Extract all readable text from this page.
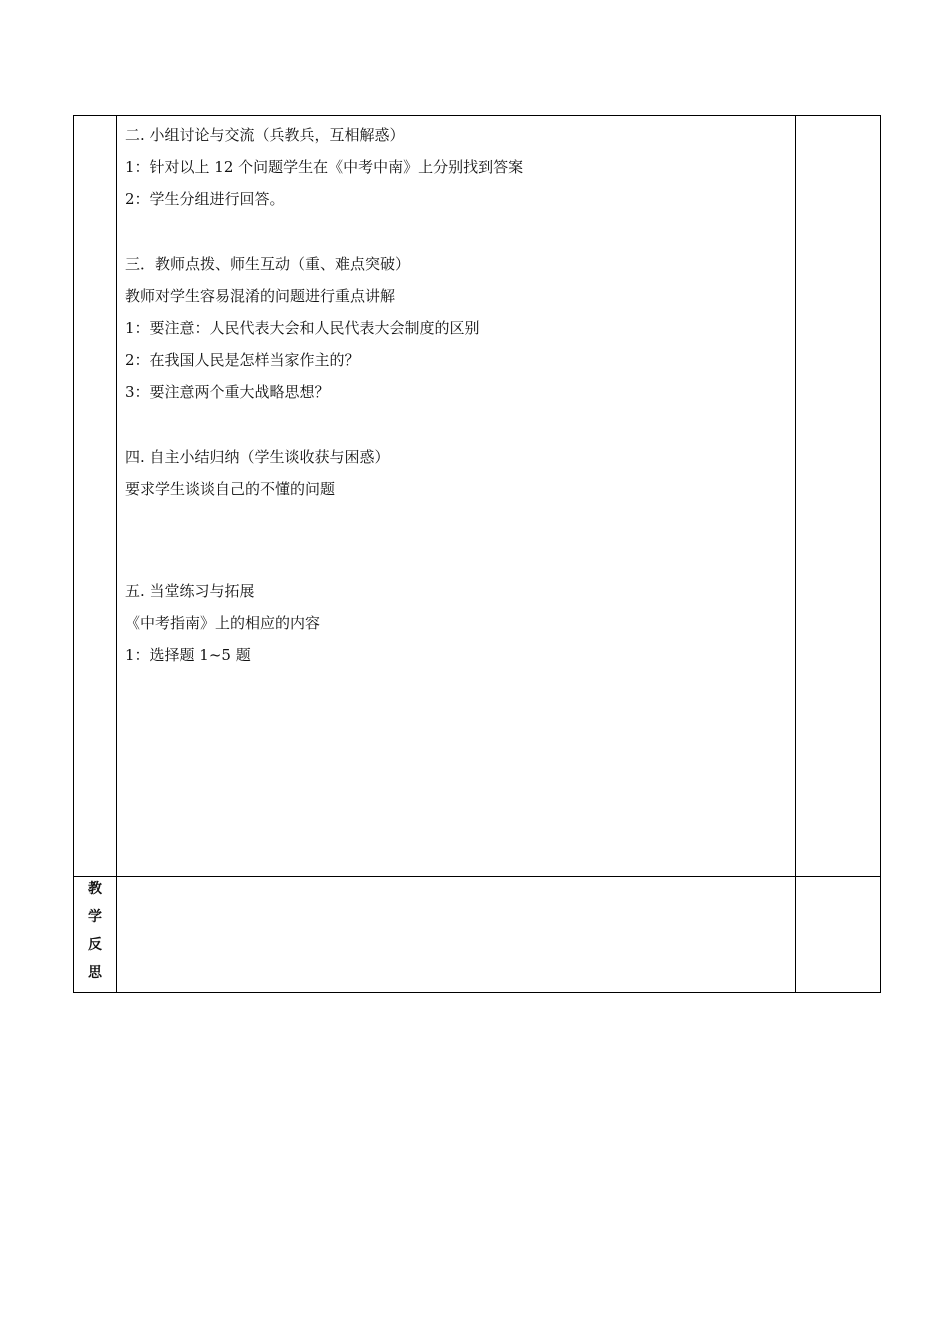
二. 小组讨论与交流（兵教兵，互相解惑）
1：针对以上 12 个问题学生在《中考中南》上分别找到答案
2：学生分组进行回答。
三．教师点拨、师生互动（重、难点突破）
教师对学生容易混淆的问题进行重点讲解
1：要注意：人民代表大会和人民代表大会制度的区别
2：在我国人民是怎样当家作主的？
3：要注意两个重大战略思想？
四. 自主小结归纳（学生谈收获与困惑）
要求学生谈谈自己的不懂的问题
五. 当堂练习与拓展
《中考指南》上的相应的内容
1：选择题 1~5 题
教
学
反
思
